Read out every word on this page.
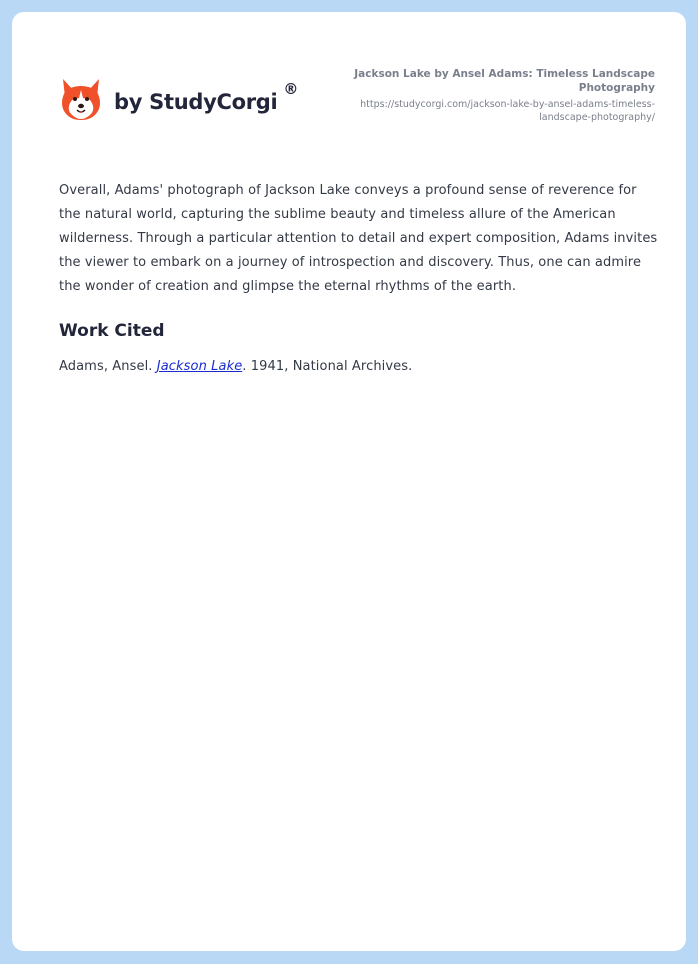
by StudyCorgi
®
Jackson Lake by Ansel Adams: Timeless Landscape Photography
https://studycorgi.com/jackson-lake-by-ansel-adams-timeless-landscape-photography/

Overall, Adams' photograph of Jackson Lake conveys a profound sense of reverence for the natural world, capturing the sublime beauty and timeless allure of the American wilderness. Through a particular attention to detail and expert composition, Adams invites the viewer to embark on a journey of introspection and discovery. Thus, one can admire the wonder of creation and glimpse the eternal rhythms of the earth.

Work Cited

Adams, Ansel. Jackson Lake. 1941, National Archives.
